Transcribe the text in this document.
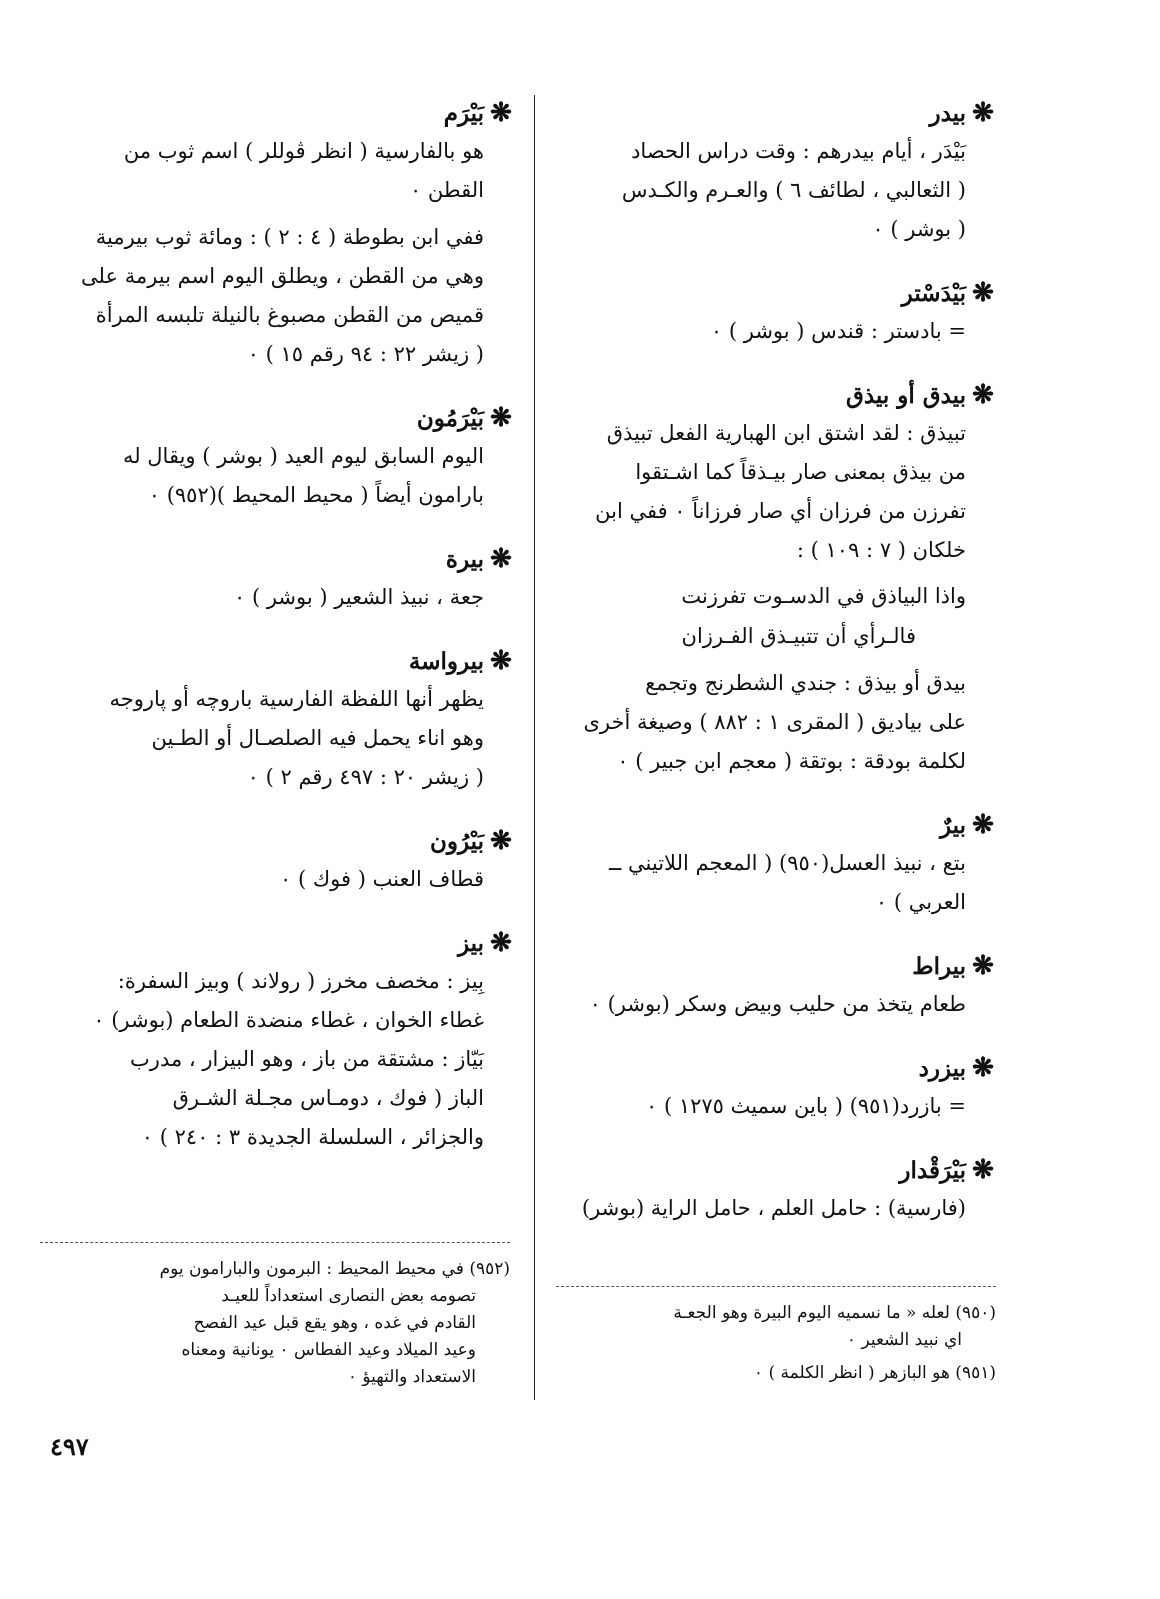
❋بيدر
بَيْدَر ، أيام بيدرهم : وقت دراس الحصاد
( الثعالبي ، لطائف ٦ ) والعـرم والكـدس
( بوشر ) ٠
❋بَيْدَسْتر
= بادستر : قندس ( بوشر ) ٠
❋بيدق أو بيذق
تبيذق : لقد اشتق ابن الهبارية الفعل تبيذق
من بيذق بمعنى صار بيـذقاً كما اشـتقوا
تفرزن من فرزان أي صار فرزاناً ٠ ففي ابن
خلكان ( ٧ : ١٠٩ ) :
واذا البياذق في الدسـوت تفرزنت
فالـرأي أن تتبيـذق الفـرزان
بيدق أو بيذق : جندي الشطرنج وتجمع
على بياديق ( المقرى ١ : ٨٨٢ ) وصيغة أخرى
لكلمة بودقة : بوتقة ( معجم ابن جبير ) ٠
❋بيرٌ
بتع ، نبيذ العسل(٩٥٠) ( المعجم اللاتيني ــ
العربي ) ٠
❋بيراط
طعام يتخذ من حليب وبيض وسكر (بوشر) ٠
❋بيزرد
= بازرد(٩٥١) ( باين سميث ١٢٧٥ ) ٠
❋بَيْرَقْدار
(فارسية) : حامل العلم ، حامل الراية (بوشر)
❋بَيْرَم
هو بالفارسية ( انظر ڤوللر ) اسم ثوب من
القطن ٠
ففي ابن بطوطة ( ٤ : ٢ ) : ومائة ثوب بيرمية
وهي من القطن ، ويطلق اليوم اسم بيرمة على
قميص من القطن مصبوغ بالنيلة تلبسه المرأة
( زيشر ٢٢ : ٩٤ رقم ١٥ ) ٠
❋بَيْرَمُون
اليوم السابق ليوم العيد ( بوشر ) ويقال له
بارامون أيضاً ( محيط المحيط )(٩٥٢) ٠
❋بيرة
جعة ، نبيذ الشعير ( بوشر ) ٠
❋بيرواسة
يظهر أنها اللفظة الفارسية باروچه أو پاروجه
وهو اناء يحمل فيه الصلصـال أو الطـين
( زيشر ٢٠ : ٤٩٧ رقم ٢ ) ٠
❋بَيْرُون
قطاف العنب ( فوك ) ٠
❋بيز
بِيز : مخصف مخرز ( رولاند ) وبيز السفرة:
غطاء الخوان ، غطاء منضدة الطعام (بوشر) ٠
بَيّاز : مشتقة من باز ، وهو البيزار ، مدرب
الباز ( فوك ، دومـاس مجـلة الشـرق
والجزائر ، السلسلة الجديدة ٣ : ٢٤٠ ) ٠
(٩٥٠) لعله « ما نسميه اليوم البيرة وهو الجعـة
اي نبيد الشعير ٠
(٩٥١) هو البازهر ( انظر الكلمة ) ٠
(٩٥٢) في محيط المحيط : البرمون والبارامون يوم
تصومه بعض النصارى استعداداً للعيـد
القادم في غده ، وهو يقع قبل عيد الفصح
وعيد الميلاد وعيد الفطاس ٠ يونانية ومعناه
الاستعداد والتهيؤ ٠
٤٩٧
